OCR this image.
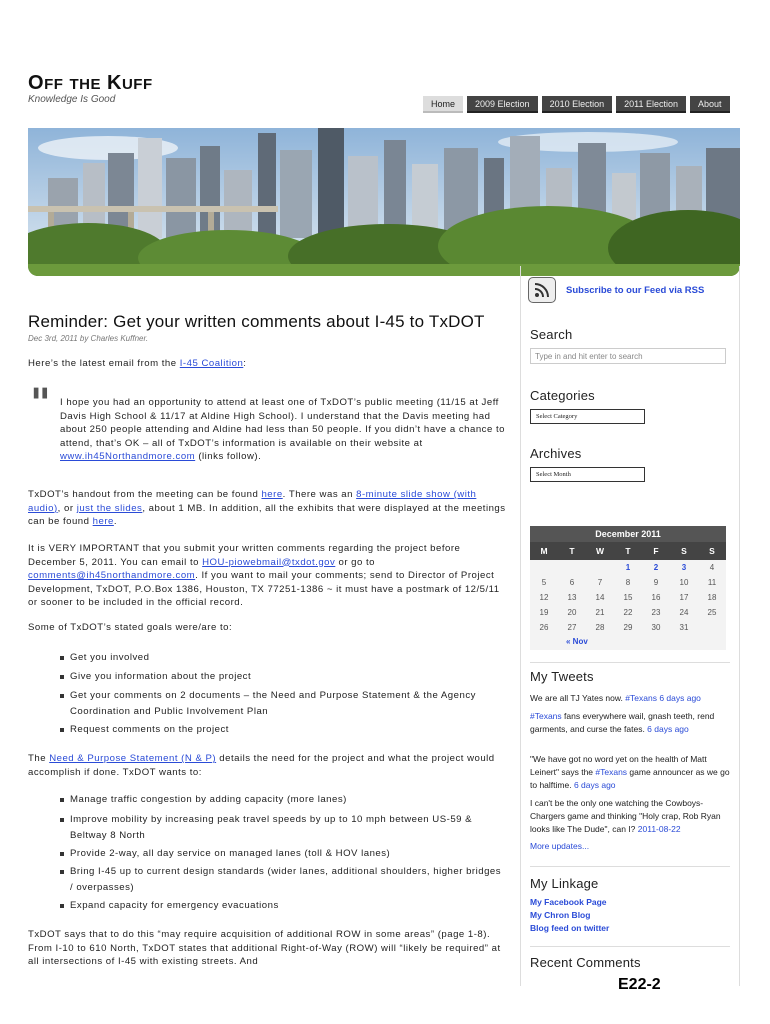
OFF THE KUFF
Knowledge Is Good	Home	2009 Election	2010 Election	2011 Election	About
Subscribe to our Feed via RSS
Search
Type in and hit enter to search
Categories
Select Category
Archives
Select Month
December 2011
M	T	W	T	F	S	S
			1	2	3	4
5	6	7	8	9	10	11
12	13	14	15	16	17	18
19	20	21	22	23	24	25
26	27	28	29	30	31	
« Nov
My Tweets
We are all TJ Yates now. #Texans 6 days ago
#Texans fans everywhere wail, gnash teeth, rend garments, and curse the fates. 6 days ago
"We have got no word yet on the health of Matt Leinert" says the #Texans game announcer as we go to halftime. 6 days ago
I can't be the only one watching the Cowboys-Chargers game and thinking "Holy crap, Rob Ryan looks like The Dude", can I? 2011-08-22
More updates...
My Linkage
My Facebook Page
My Chron Blog
Blog feed on twitter
Recent Comments
Reminder: Get your written comments about I-45 to TxDOT
Dec 3rd, 2011 by Charles Kuffner.
Here’s the latest email from the I-45 Coalition:
" I hope you had an opportunity to attend at least one of TxDOT’s public meeting (11/15 at Jeff Davis High School & 11/17 at Aldine High School). I understand that the Davis meeting had about 250 people attending and Aldine had less than 50 people. If you didn’t have a chance to attend, that’s OK – all of TxDOT’s information is available on their website at www.ih45Northandmore.com (links follow).
TxDOT’s handout from the meeting can be found here. There was an 8-minute slide show (with audio), or just the slides, about 1 MB. In addition, all the exhibits that were displayed at the meetings can be found here.
It is VERY IMPORTANT that you submit your written comments regarding the project before December 5, 2011. You can email to HOU-piowebmail@txdot.gov or go to comments@ih45northandmore.com. If you want to mail your comments; send to Director of Project Development, TxDOT, P.O.Box 1386, Houston, TX 77251-1386 ~ it must have a postmark of 12/5/11 or sooner to be included in the official record.
Some of TxDOT’s stated goals were/are to:
Get you involved
Give you information about the project
Get your comments on 2 documents – the Need and Purpose Statement & the Agency Coordination and Public Involvement Plan
Request comments on the project
The Need & Purpose Statement (N & P) details the need for the project and what the project would accomplish if done. TxDOT wants to:
Manage traffic congestion by adding capacity (more lanes)
Improve mobility by increasing peak travel speeds by up to 10 mph between US-59 & Beltway 8 North
Provide 2-way, all day service on managed lanes (toll & HOV lanes)
Bring I-45 up to current design standards (wider lanes, additional shoulders, higher bridges / overpasses)
Expand capacity for emergency evacuations
TxDOT says that to do this “may require acquisition of additional ROW in some areas” (page 1-8). From I-10 to 610 North, TxDOT states that additional Right-of-Way (ROW) will “likely be required” at all intersections of I-45 with existing streets. And
E22-2
